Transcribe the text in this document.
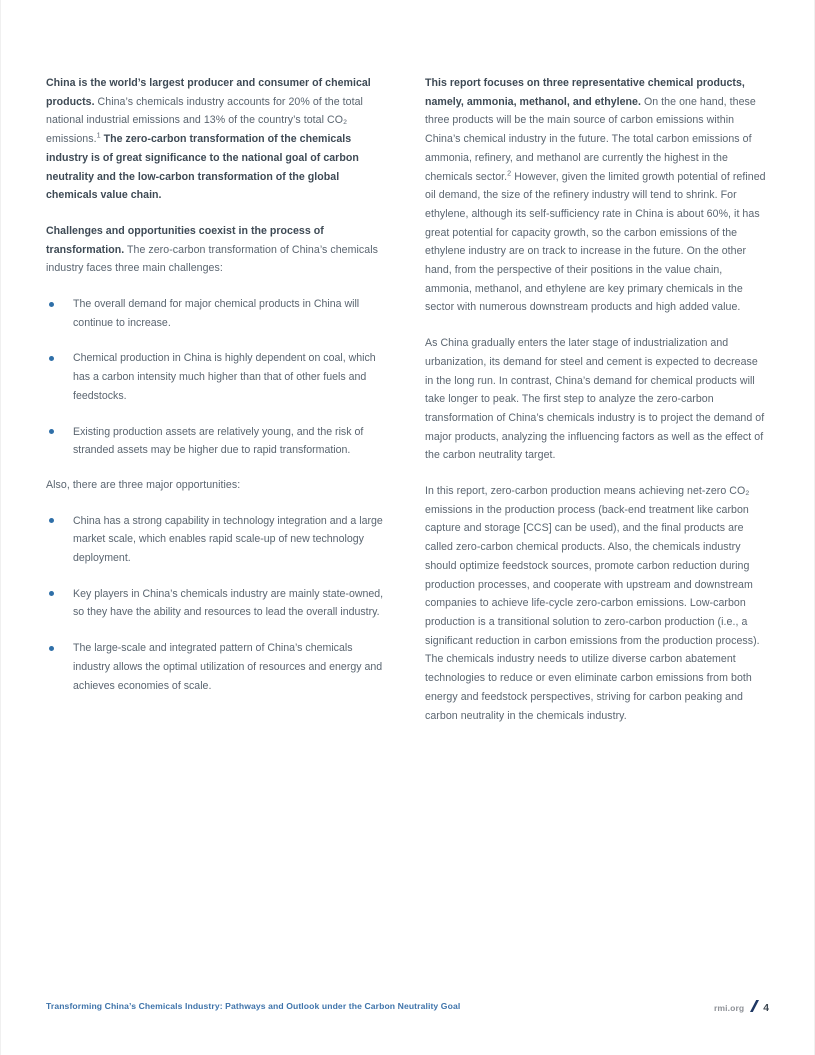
China is the world’s largest producer and consumer of chemical products. China’s chemicals industry accounts for 20% of the total national industrial emissions and 13% of the country’s total CO₂ emissions.$^1$ The zero-carbon transformation of the chemicals industry is of great significance to the national goal of carbon neutrality and the low-carbon transformation of the global chemicals value chain.

Challenges and opportunities coexist in the process of transformation. The zero-carbon transformation of China’s chemicals industry faces three main challenges:

The overall demand for major chemical products in China will continue to increase.
Chemical production in China is highly dependent on coal, which has a carbon intensity much higher than that of other fuels and feedstocks.
Existing production assets are relatively young, and the risk of stranded assets may be higher due to rapid transformation.

Also, there are three major opportunities:

China has a strong capability in technology integration and a large market scale, which enables rapid scale-up of new technology deployment.
Key players in China’s chemicals industry are mainly state-owned, so they have the ability and resources to lead the overall industry.
The large-scale and integrated pattern of China’s chemicals industry allows the optimal utilization of resources and energy and achieves economies of scale.

This report focuses on three representative chemical products, namely, ammonia, methanol, and ethylene. On the one hand, these three products will be the main source of carbon emissions within China’s chemical industry in the future. The total carbon emissions of ammonia, refinery, and methanol are currently the highest in the chemicals sector.$^2$ However, given the limited growth potential of refined oil demand, the size of the refinery industry will tend to shrink. For ethylene, although its self-sufficiency rate in China is about 60%, it has great potential for capacity growth, so the carbon emissions of the ethylene industry are on track to increase in the future. On the other hand, from the perspective of their positions in the value chain, ammonia, methanol, and ethylene are key primary chemicals in the sector with numerous downstream products and high added value.

As China gradually enters the later stage of industrialization and urbanization, its demand for steel and cement is expected to decrease in the long run. In contrast, China’s demand for chemical products will take longer to peak. The first step to analyze the zero-carbon transformation of China’s chemicals industry is to project the demand of major products, analyzing the influencing factors as well as the effect of the carbon neutrality target.

In this report, zero-carbon production means achieving net-zero CO₂ emissions in the production process (back-end treatment like carbon capture and storage [CCS] can be used), and the final products are called zero-carbon chemical products. Also, the chemicals industry should optimize feedstock sources, promote carbon reduction during production processes, and cooperate with upstream and downstream companies to achieve life-cycle zero-carbon emissions. Low-carbon production is a transitional solution to zero-carbon production (i.e., a significant reduction in carbon emissions from the production process). The chemicals industry needs to utilize diverse carbon abatement technologies to reduce or even eliminate carbon emissions from both energy and feedstock perspectives, striving for carbon peaking and carbon neutrality in the chemicals industry.

Transforming China’s Chemicals Industry: Pathways and Outlook under the Carbon Neutrality Goal	rmi.org 4
